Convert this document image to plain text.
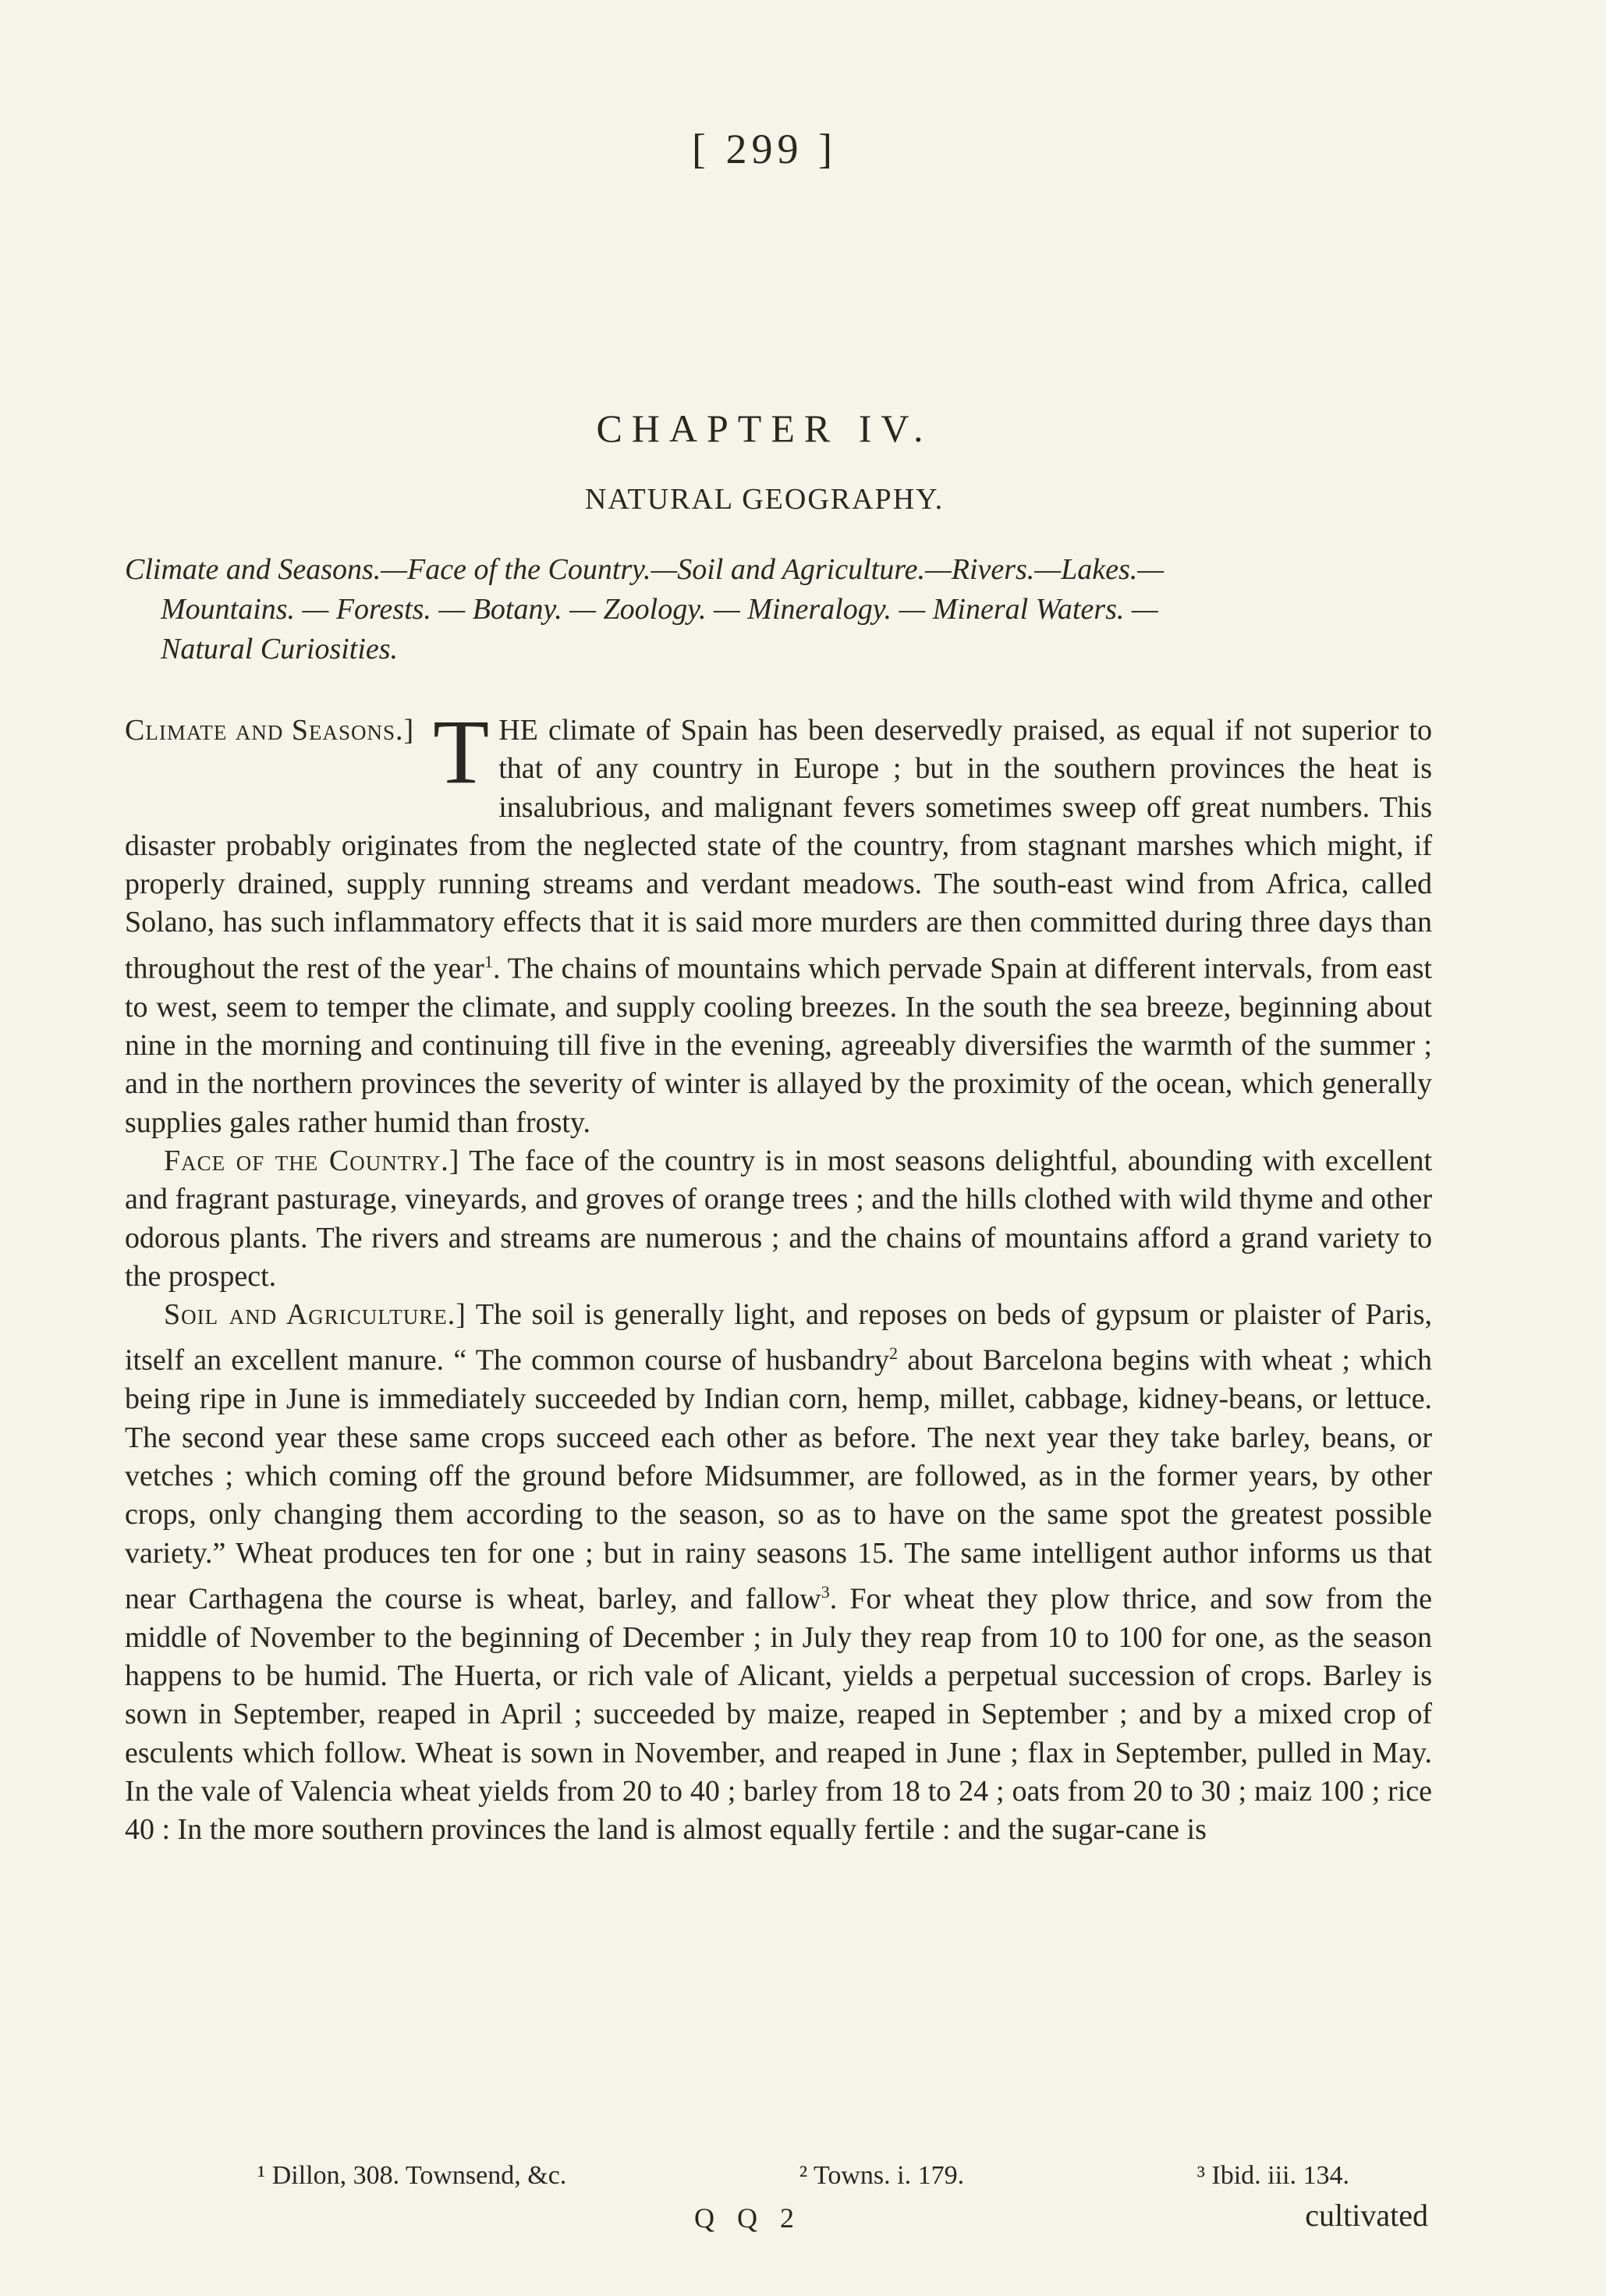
[ 299 ]
CHAPTER IV.
NATURAL GEOGRAPHY.
Climate and Seasons.—Face of the Country.—Soil and Agriculture.—Rivers.—Lakes.—
Mountains. — Forests. — Botany. — Zoology. — Mineralogy. — Mineral Waters. —
Natural Curiosities.

Climate and Seasons.] T HE climate of Spain has been deservedly praised, as equal if not superior to that of any country in Europe ; but in the southern provinces the heat is insalubrious, and malignant fevers sometimes sweep off great numbers. This disaster probably originates from the neglected state of the country, from stagnant marshes which might, if properly drained, supply running streams and verdant meadows. The south-east wind from Africa, called Solano, has such inflammatory effects that it is said more murders are then committed during three days than throughout the rest of the year$^1$. The chains of mountains which pervade Spain at different intervals, from east to west, seem to temper the climate, and supply cooling breezes. In the south the sea breeze, beginning about nine in the morning and continuing till five in the evening, agreeably diversifies the warmth of the summer ; and in the northern provinces the severity of winter is allayed by the proximity of the ocean, which generally supplies gales rather humid than frosty.

Face of the Country.] The face of the country is in most seasons delightful, abounding with excellent and fragrant pasturage, vineyards, and groves of orange trees ; and the hills clothed with wild thyme and other odorous plants. The rivers and streams are numerous ; and the chains of mountains afford a grand variety to the prospect.

Soil and Agriculture.] The soil is generally light, and reposes on beds of gypsum or plaister of Paris, itself an excellent manure. “ The common course of husbandry$^2$ about Barcelona begins with wheat ; which being ripe in June is immediately succeeded by Indian corn, hemp, millet, cabbage, kidney-beans, or lettuce. The second year these same crops succeed each other as before. The next year they take barley, beans, or vetches ; which coming off the ground before Midsummer, are followed, as in the former years, by other crops, only changing them according to the season, so as to have on the same spot the greatest possible variety.” Wheat produces ten for one ; but in rainy seasons 15. The same intelligent author informs us that near Carthagena the course is wheat, barley, and fallow$^3$. For wheat they plow thrice, and sow from the middle of November to the beginning of December ; in July they reap from 10 to 100 for one, as the season happens to be humid. The Huerta, or rich vale of Alicant, yields a perpetual succession of crops. Barley is sown in September, reaped in April ; succeeded by maize, reaped in September ; and by a mixed crop of esculents which follow. Wheat is sown in November, and reaped in June ; flax in September, pulled in May. In the vale of Valencia wheat yields from 20 to 40 ; barley from 18 to 24 ; oats from 20 to 30 ; maiz 100 ; rice 40 : In the more southern provinces the land is almost equally fertile : and the sugar-cane is

¹ Dillon, 308. Townsend, &c.	² Towns. i. 179.	³ Ibid. iii. 134.
Q Q 2	cultivated
